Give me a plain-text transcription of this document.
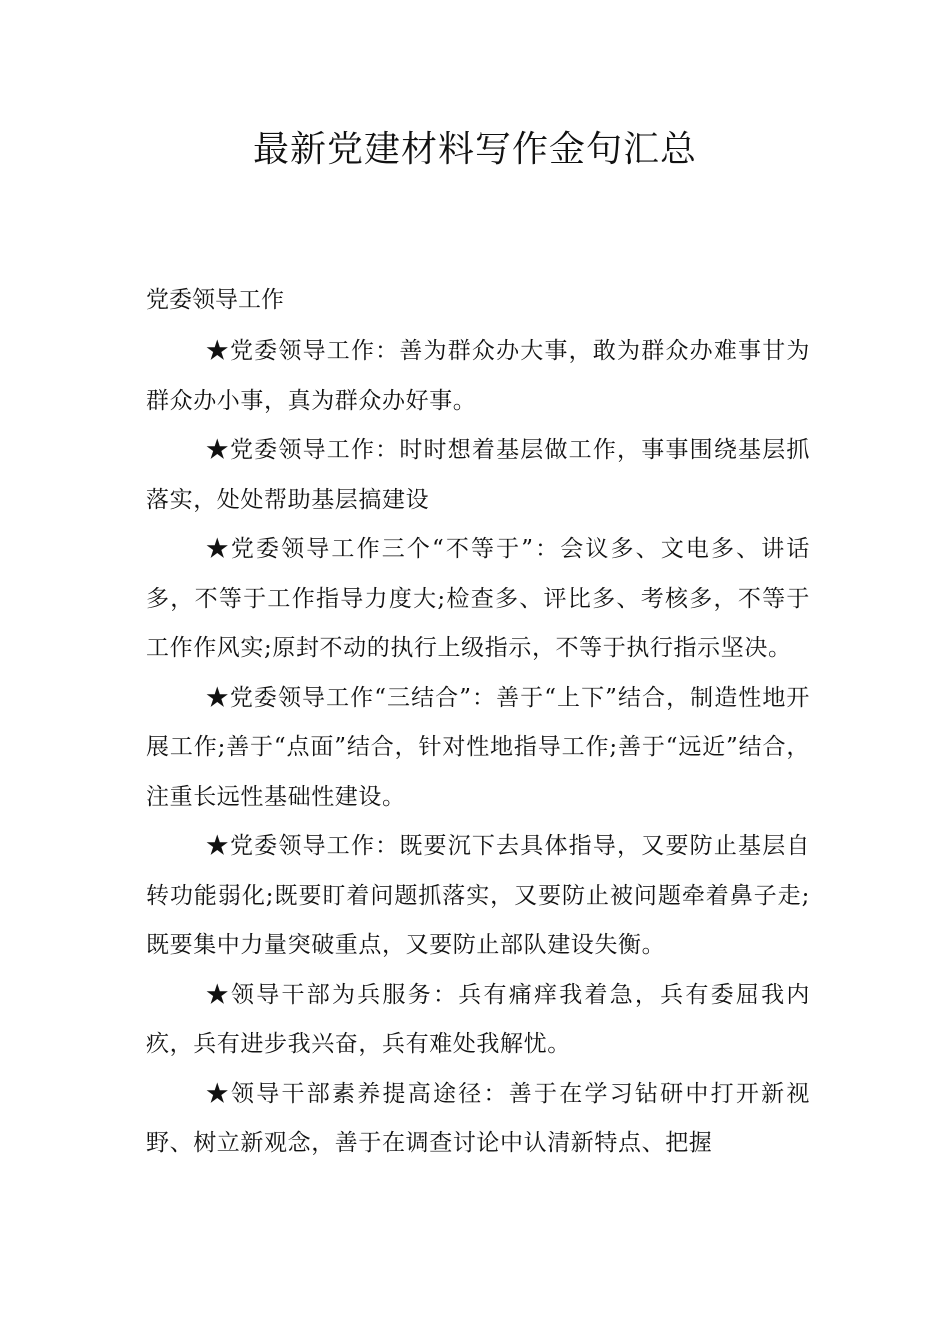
最新党建材料写作金句汇总
党委领导工作

★党委领导工作：善为群众办大事，敢为群众办难事甘为群众办小事，真为群众办好事。

★党委领导工作：时时想着基层做工作，事事围绕基层抓落实，处处帮助基层搞建设

★党委领导工作三个“不等于”：会议多、文电多、讲话多，不等于工作指导力度大;检查多、评比多、考核多，不等于工作作风实;原封不动的执行上级指示，不等于执行指示坚决。

★党委领导工作“三结合”：善于“上下”结合，制造性地开展工作;善于“点面”结合，针对性地指导工作;善于“远近”结合，注重长远性基础性建设。

★党委领导工作：既要沉下去具体指导，又要防止基层自转功能弱化;既要盯着问题抓落实，又要防止被问题牵着鼻子走;既要集中力量突破重点，又要防止部队建设失衡。

★领导干部为兵服务：兵有痛痒我着急，兵有委屈我内疚，兵有进步我兴奋，兵有难处我解忧。

★领导干部素养提高途径：善于在学习钻研中打开新视野、树立新观念，善于在调查讨论中认清新特点、把握
